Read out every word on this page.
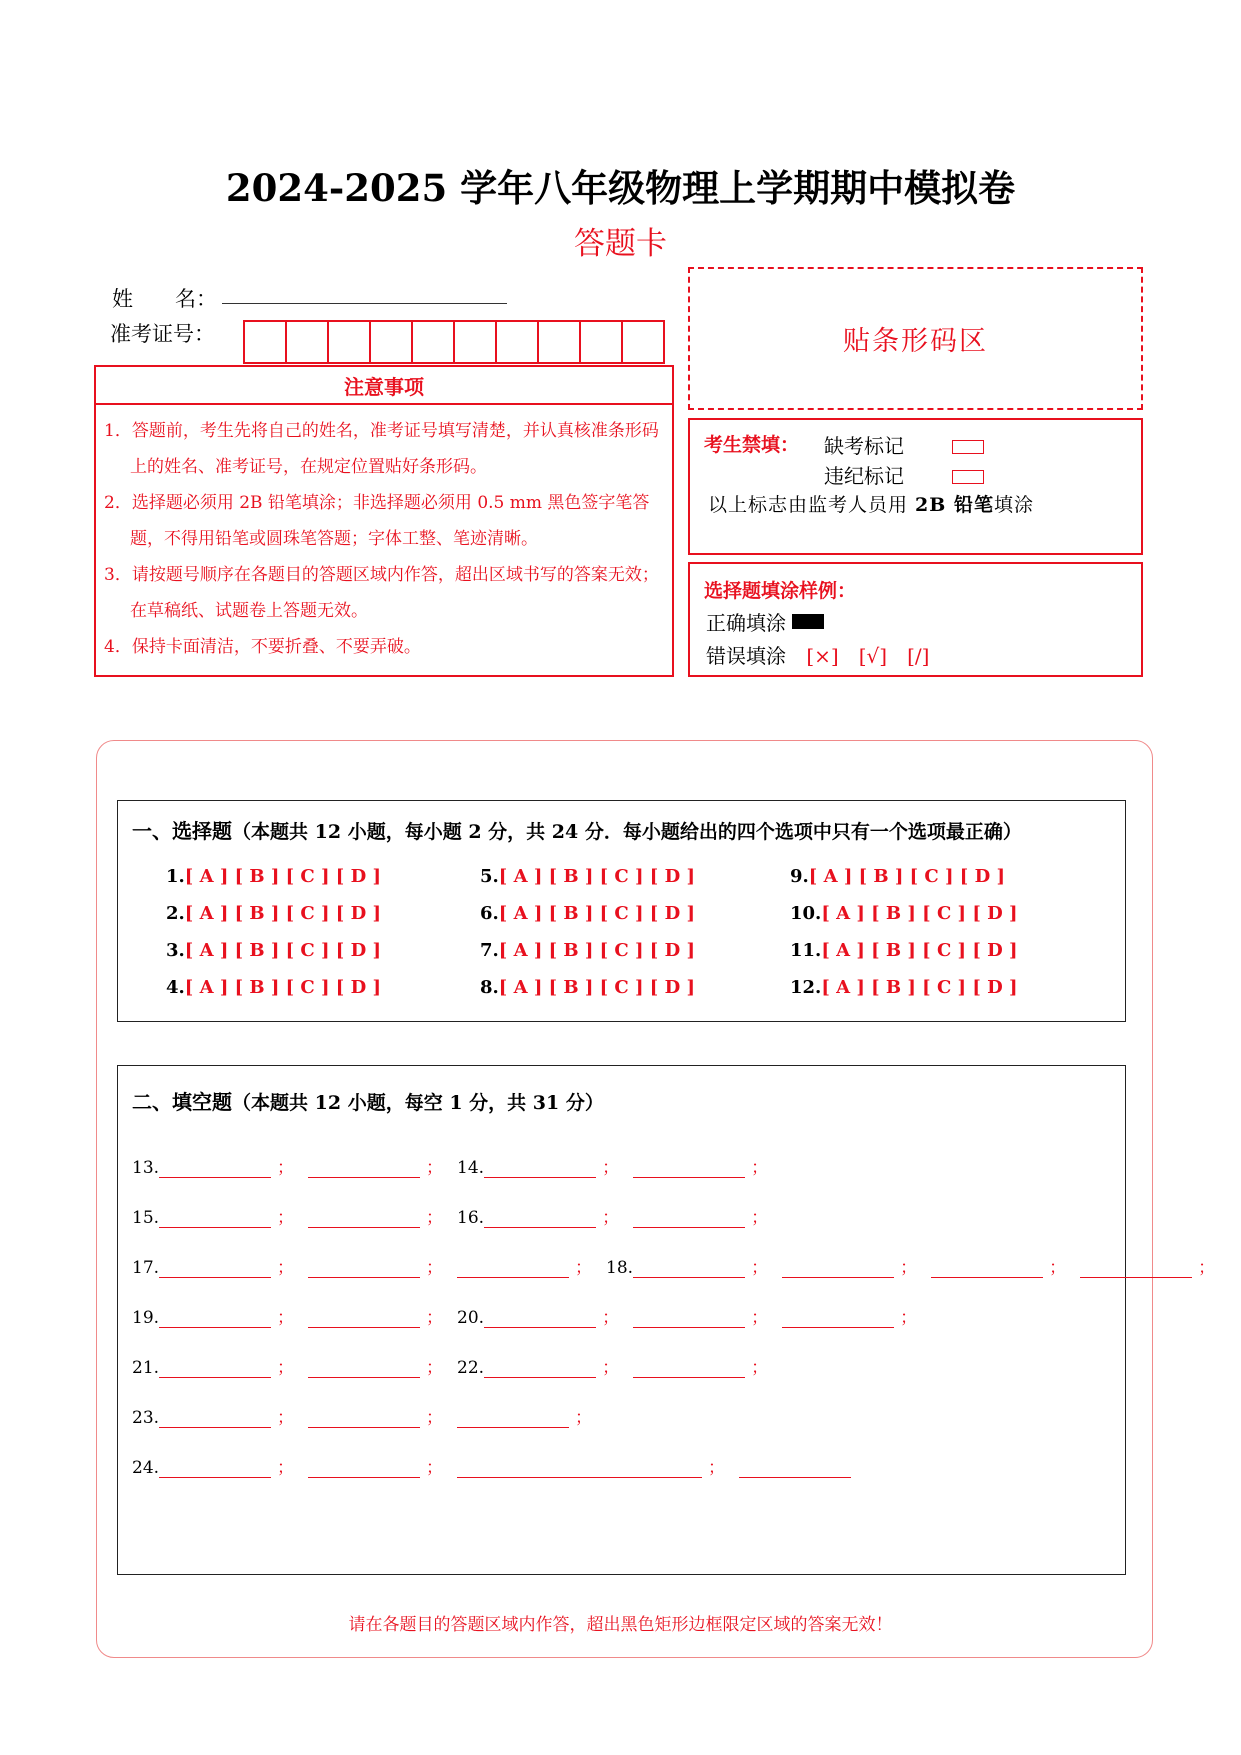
2024-2025 学年八年级物理上学期期中模拟卷
答题卡
姓　　名：
准考证号：
注意事项
1．答题前，考生先将自己的姓名，准考证号填写清楚，并认真核准条形码上的姓名、准考证号，在规定位置贴好条形码。
2．选择题必须用 2B 铅笔填涂；非选择题必须用 0.5 mm 黑色签字笔答题，不得用铅笔或圆珠笔答题；字体工整、笔迹清晰。
3．请按题号顺序在各题目的答题区域内作答，超出区域书写的答案无效；在草稿纸、试题卷上答题无效。
4．保持卡面清洁，不要折叠、不要弄破。
贴条形码区
考生禁填： 缺考标记
违纪标记
以上标志由监考人员用 2B 铅笔填涂
选择题填涂样例：
正确填涂
错误填涂 [×]　[√]　[/]
一、选择题（本题共 12 小题，每小题 2 分，共 24 分．每小题给出的四个选项中只有一个选项最正确）
1.[ A ] [ B ] [ C ] [ D ]
2.[ A ] [ B ] [ C ] [ D ]
3.[ A ] [ B ] [ C ] [ D ]
4.[ A ] [ B ] [ C ] [ D ]
5.[ A ] [ B ] [ C ] [ D ]
6.[ A ] [ B ] [ C ] [ D ]
7.[ A ] [ B ] [ C ] [ D ]
8.[ A ] [ B ] [ C ] [ D ]
9.[ A ] [ B ] [ C ] [ D ]
10.[ A ] [ B ] [ C ] [ D ]
11.[ A ] [ B ] [ C ] [ D ]
12.[ A ] [ B ] [ C ] [ D ]
二、填空题（本题共 12 小题，每空 1 分，共 31 分）
13.	；	； 14.	；	；
15.	；	； 16.	；	；
17.	；	；	； 18.	；	；	；	；
19.	；	； 20.	；	；	；
21.	；	； 22.	；	；
23.	；	；	；
24.	；	；	；
请在各题目的答题区域内作答，超出黑色矩形边框限定区域的答案无效！
